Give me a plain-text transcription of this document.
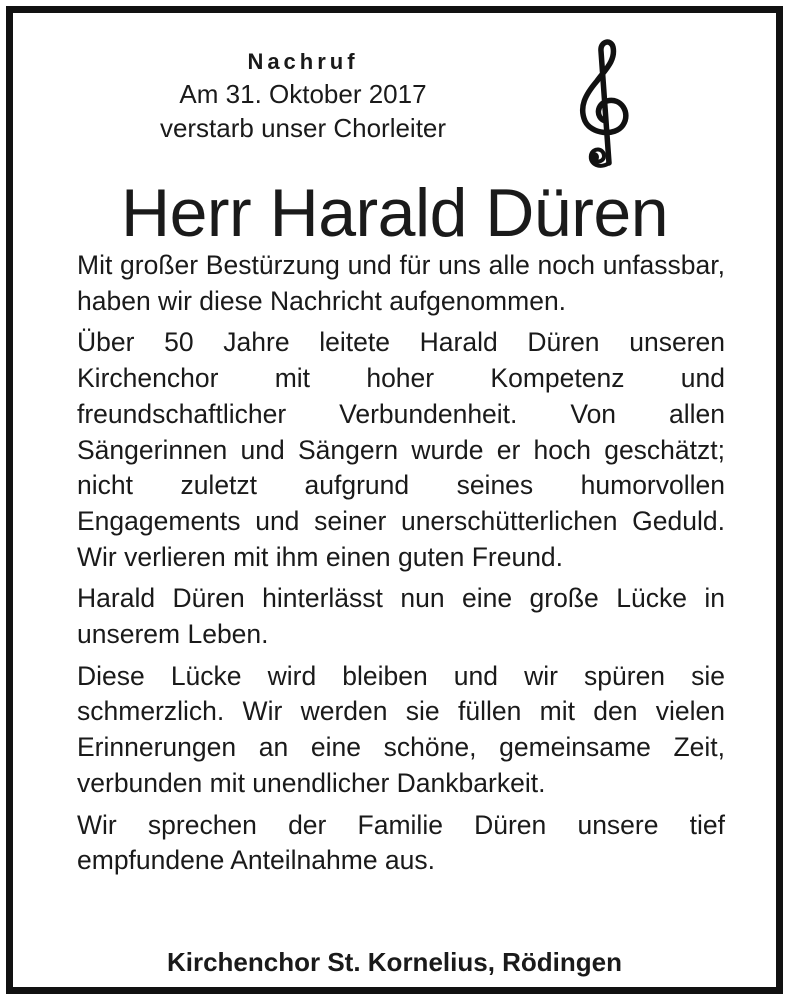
Nachruf
Am 31. Oktober 2017
verstarb unser Chorleiter
Herr Harald Düren

Mit großer Bestürzung und für uns alle noch unfassbar, haben wir diese Nachricht aufgenommen.

Über 50 Jahre leitete Harald Düren unseren Kirchenchor mit hoher Kompetenz und freundschaftlicher Verbundenheit. Von allen Sängerinnen und Sängern wurde er hoch geschätzt; nicht zuletzt aufgrund seines humorvollen Engagements und seiner unerschütterlichen Geduld. Wir verlieren mit ihm einen guten Freund.

Harald Düren hinterlässt nun eine große Lücke in unserem Leben.

Diese Lücke wird bleiben und wir spüren sie schmerzlich. Wir werden sie füllen mit den vielen Erinnerungen an eine schöne, gemeinsame Zeit, verbunden mit unendlicher Dankbarkeit.

Wir sprechen der Familie Düren unsere tief empfundene Anteilnahme aus.

Kirchenchor St. Kornelius, Rödingen
